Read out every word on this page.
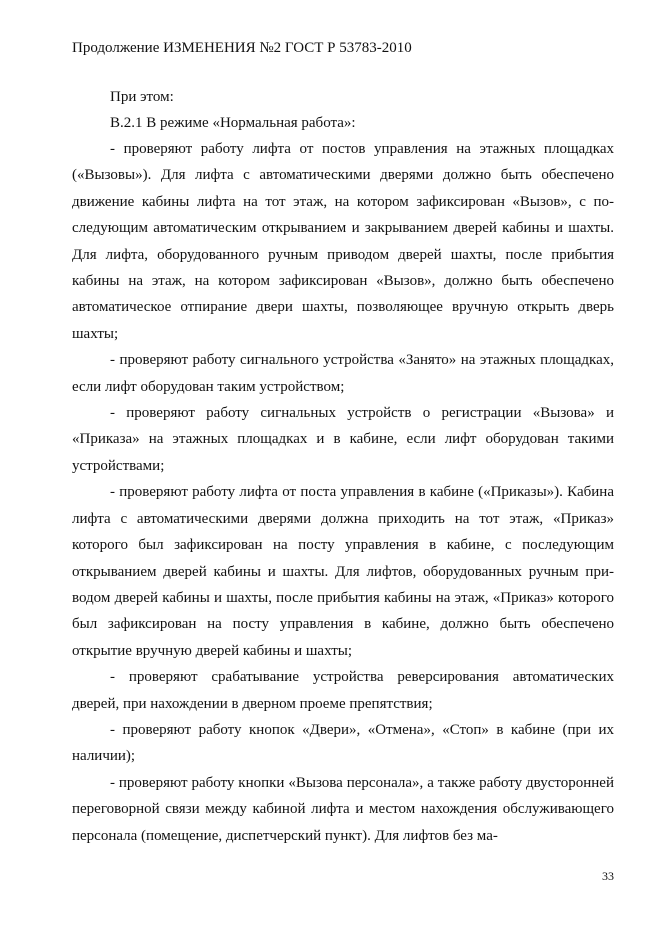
Продолжение ИЗМЕНЕНИЯ №2 ГОСТ Р 53783-2010

При этом:

В.2.1 В режиме «Нормальная работа»:

- проверяют работу лифта от постов управления на этажных площадках («Вызовы»). Для лифта с автоматическими дверями должно быть обеспечено движение кабины лифта на тот этаж, на котором зафиксирован «Вызов», с последующим автоматическим открыванием и закрыванием дверей кабины и шахты. Для лифта, оборудованного ручным приводом дверей шахты, после прибытия кабины на этаж, на котором зафиксирован «Вызов», должно быть обеспечено автоматическое отпирание двери шахты, позволяющее вручную открыть дверь шахты;

- проверяют работу сигнального устройства «Занято» на этажных площадках, если лифт оборудован таким устройством;

- проверяют работу сигнальных устройств о регистрации «Вызова» и «Приказа» на этажных площадках и в кабине, если лифт оборудован такими устройствами;

- проверяют работу лифта от поста управления в кабине («Приказы»). Кабина лифта с автоматическими дверями должна приходить на тот этаж, «Приказ» которого был зафиксирован на посту управления в кабине, с последующим открыванием дверей кабины и шахты. Для лифтов, оборудованных ручным приводом дверей кабины и шахты, после прибытия кабины на этаж, «Приказ» которого был зафиксирован на посту управления в кабине, должно быть обеспечено открытие вручную дверей кабины и шахты;

- проверяют срабатывание устройства реверсирования автоматических дверей, при нахождении в дверном проеме препятствия;

- проверяют работу кнопок «Двери», «Отмена», «Стоп» в кабине (при их наличии);

- проверяют работу кнопки «Вызова персонала», а также работу двусторонней переговорной связи между кабиной лифта и местом нахождения обслуживающего персонала (помещение, диспетчерский пункт). Для лифтов без ма-

33
